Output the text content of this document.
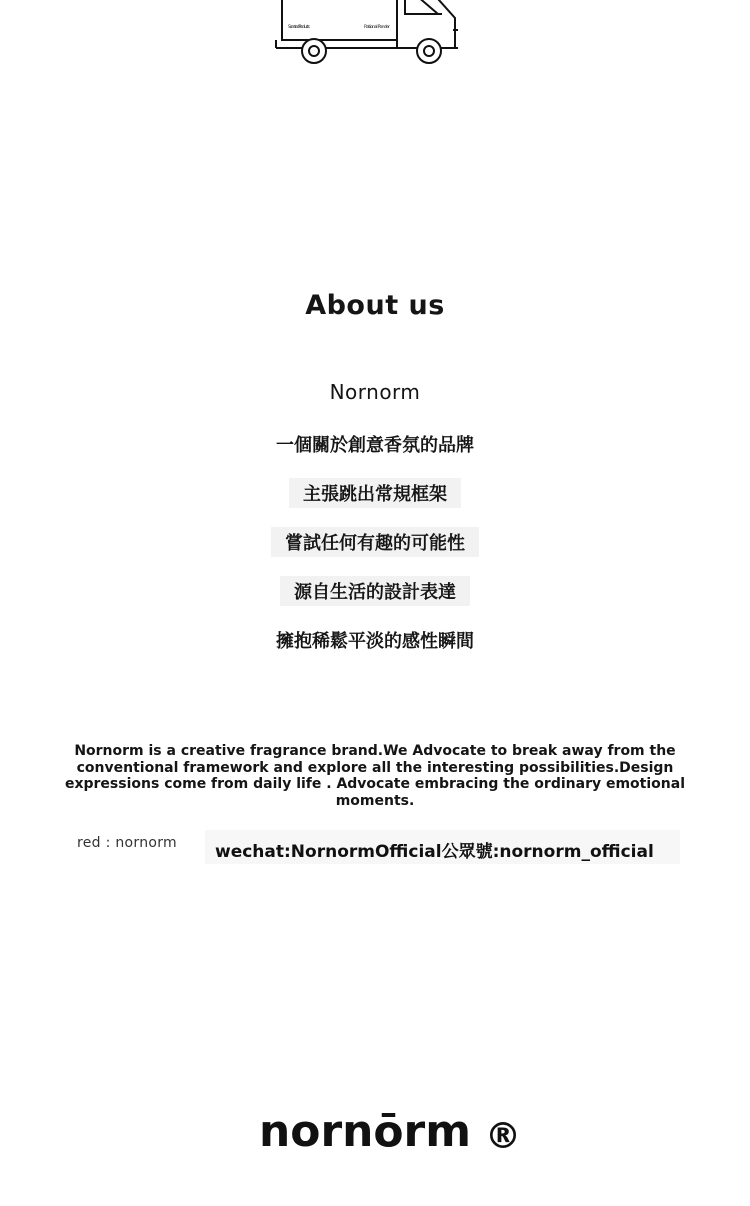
Scented Products	Rational Ponder
About us
Nornorm
一個關於創意香氛的品牌
主張跳出常規框架
嘗試任何有趣的可能性
源自生活的設計表達
擁抱稀鬆平淡的感性瞬間
Nornorm is a creative fragrance brand.We Advocate to break away from the conventional framework and explore all the interesting possibilities.Design expressions come from daily life . Advocate embracing the ordinary emotional moments.
red : nornorm wechat:NornormOfficial公眾號:nornorm_official
nornōrm ®
